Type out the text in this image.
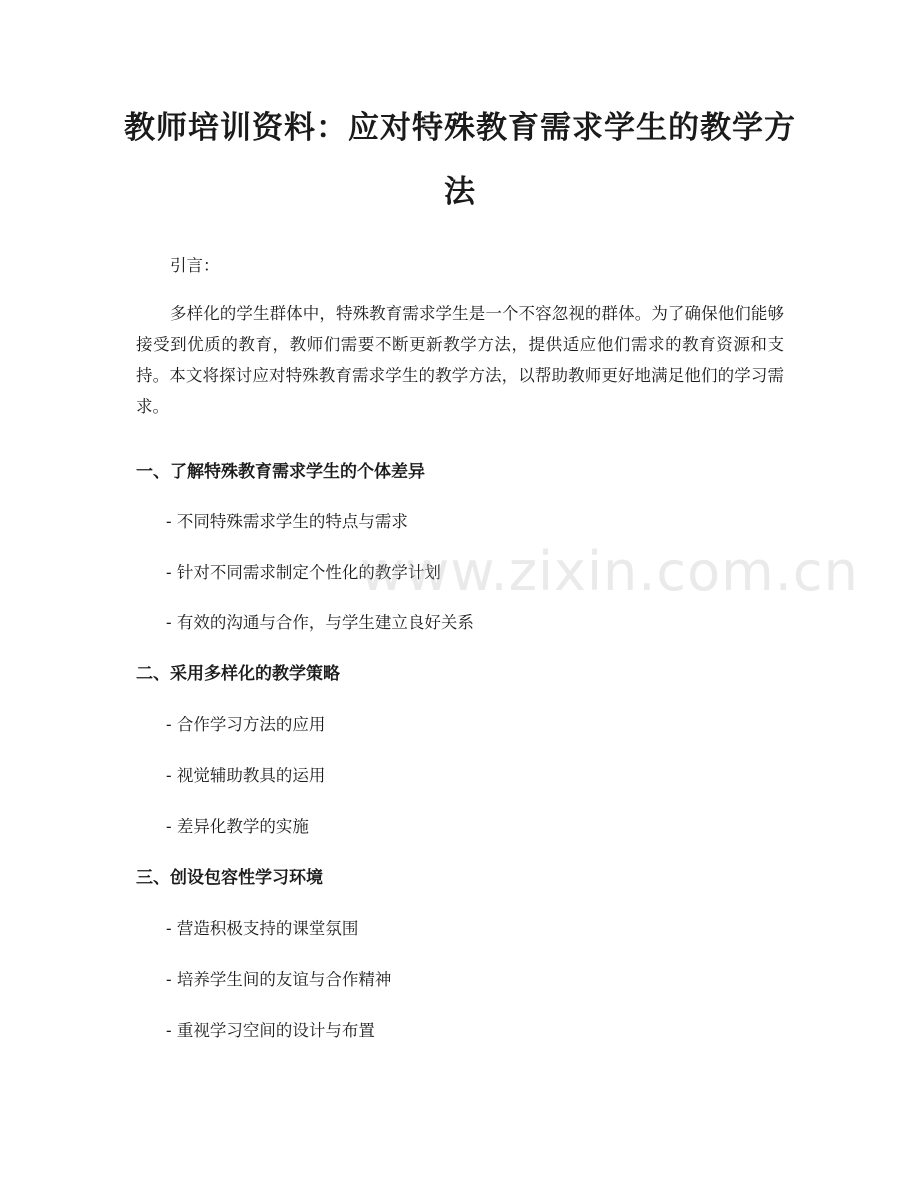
教师培训资料：应对特殊教育需求学生的教学方法

引言：

多样化的学生群体中，特殊教育需求学生是一个不容忽视的群体。为了确保他们能够接受到优质的教育，教师们需要不断更新教学方法，提供适应他们需求的教育资源和支持。本文将探讨应对特殊教育需求学生的教学方法，以帮助教师更好地满足他们的学习需求。

一、了解特殊教育需求学生的个体差异

- 不同特殊需求学生的特点与需求

- 针对不同需求制定个性化的教学计划

- 有效的沟通与合作，与学生建立良好关系

二、采用多样化的教学策略

- 合作学习方法的应用

- 视觉辅助教具的运用

- 差异化教学的实施

三、创设包容性学习环境

- 营造积极支持的课堂氛围

- 培养学生间的友谊与合作精神

- 重视学习空间的设计与布置

www.zixin.com.cn
